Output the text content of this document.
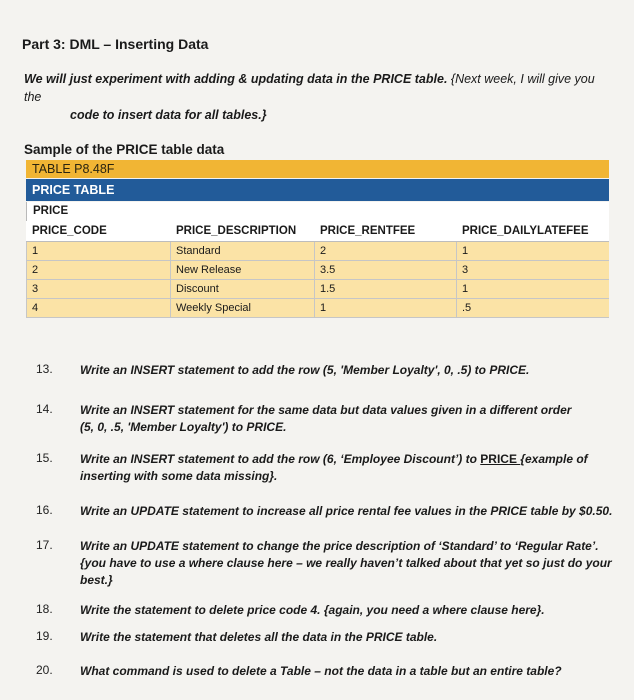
Part 3: DML – Inserting Data
We will just experiment with adding & updating data in the PRICE table. {Next week, I will give you the
code to insert data for all tables.}
Sample of the PRICE table data
TABLE P8.48F
PRICE TABLE
PRICE
PRICE_CODE	PRICE_DESCRIPTION	PRICE_RENTFEE	PRICE_DAILYLATEFEE
1	Standard	2	1
2	New Release	3.5	3
3	Discount	1.5	1
4	Weekly Special	1	.5
13. Write an INSERT statement to add the row (5, 'Member Loyalty', 0, .5) to PRICE.
14. Write an INSERT statement for the same data but data values given in a different order
(5, 0, .5, 'Member Loyalty') to PRICE.
15. Write an INSERT statement to add the row (6, ‘Employee Discount’) to PRICE {example of
inserting with some data missing}.
16. Write an UPDATE statement to increase all price rental fee values in the PRICE table by $0.50.
17. Write an UPDATE statement to change the price description of ‘Standard’ to ‘Regular Rate’.
{you have to use a where clause here – we really haven’t talked about that yet so just do your
best.}
18. Write the statement to delete price code 4. {again, you need a where clause here}.
19. Write the statement that deletes all the data in the PRICE table.
20. What command is used to delete a Table – not the data in a table but an entire table?
